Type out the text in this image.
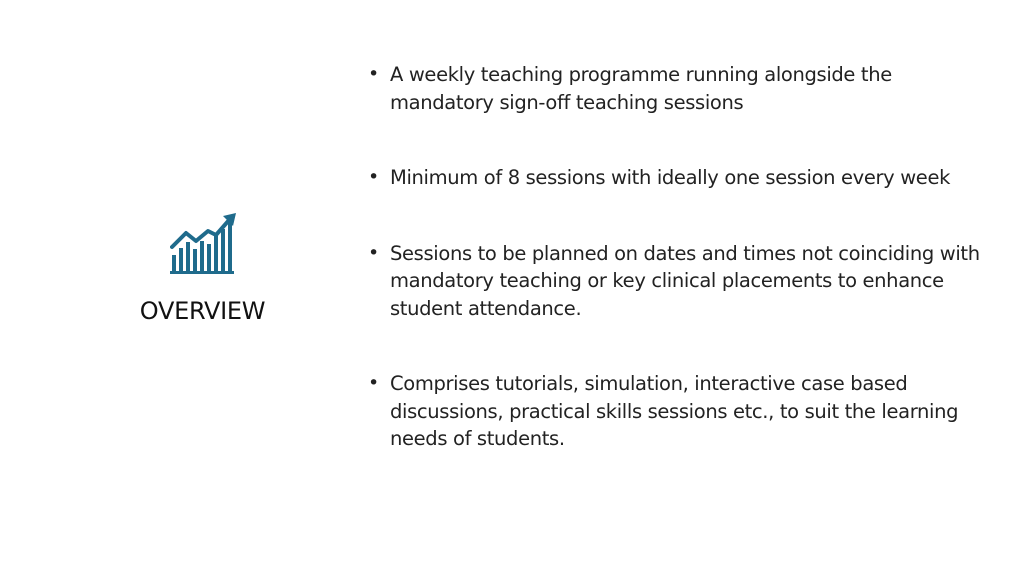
OVERVIEW
• A weekly teaching programme running alongside the mandatory sign-off teaching sessions
• Minimum of 8 sessions with ideally one session every week
• Sessions to be planned on dates and times not coinciding with mandatory teaching or key clinical placements to enhance student attendance.
• Comprises tutorials, simulation, interactive case based discussions, practical skills sessions etc., to suit the learning needs of students.
